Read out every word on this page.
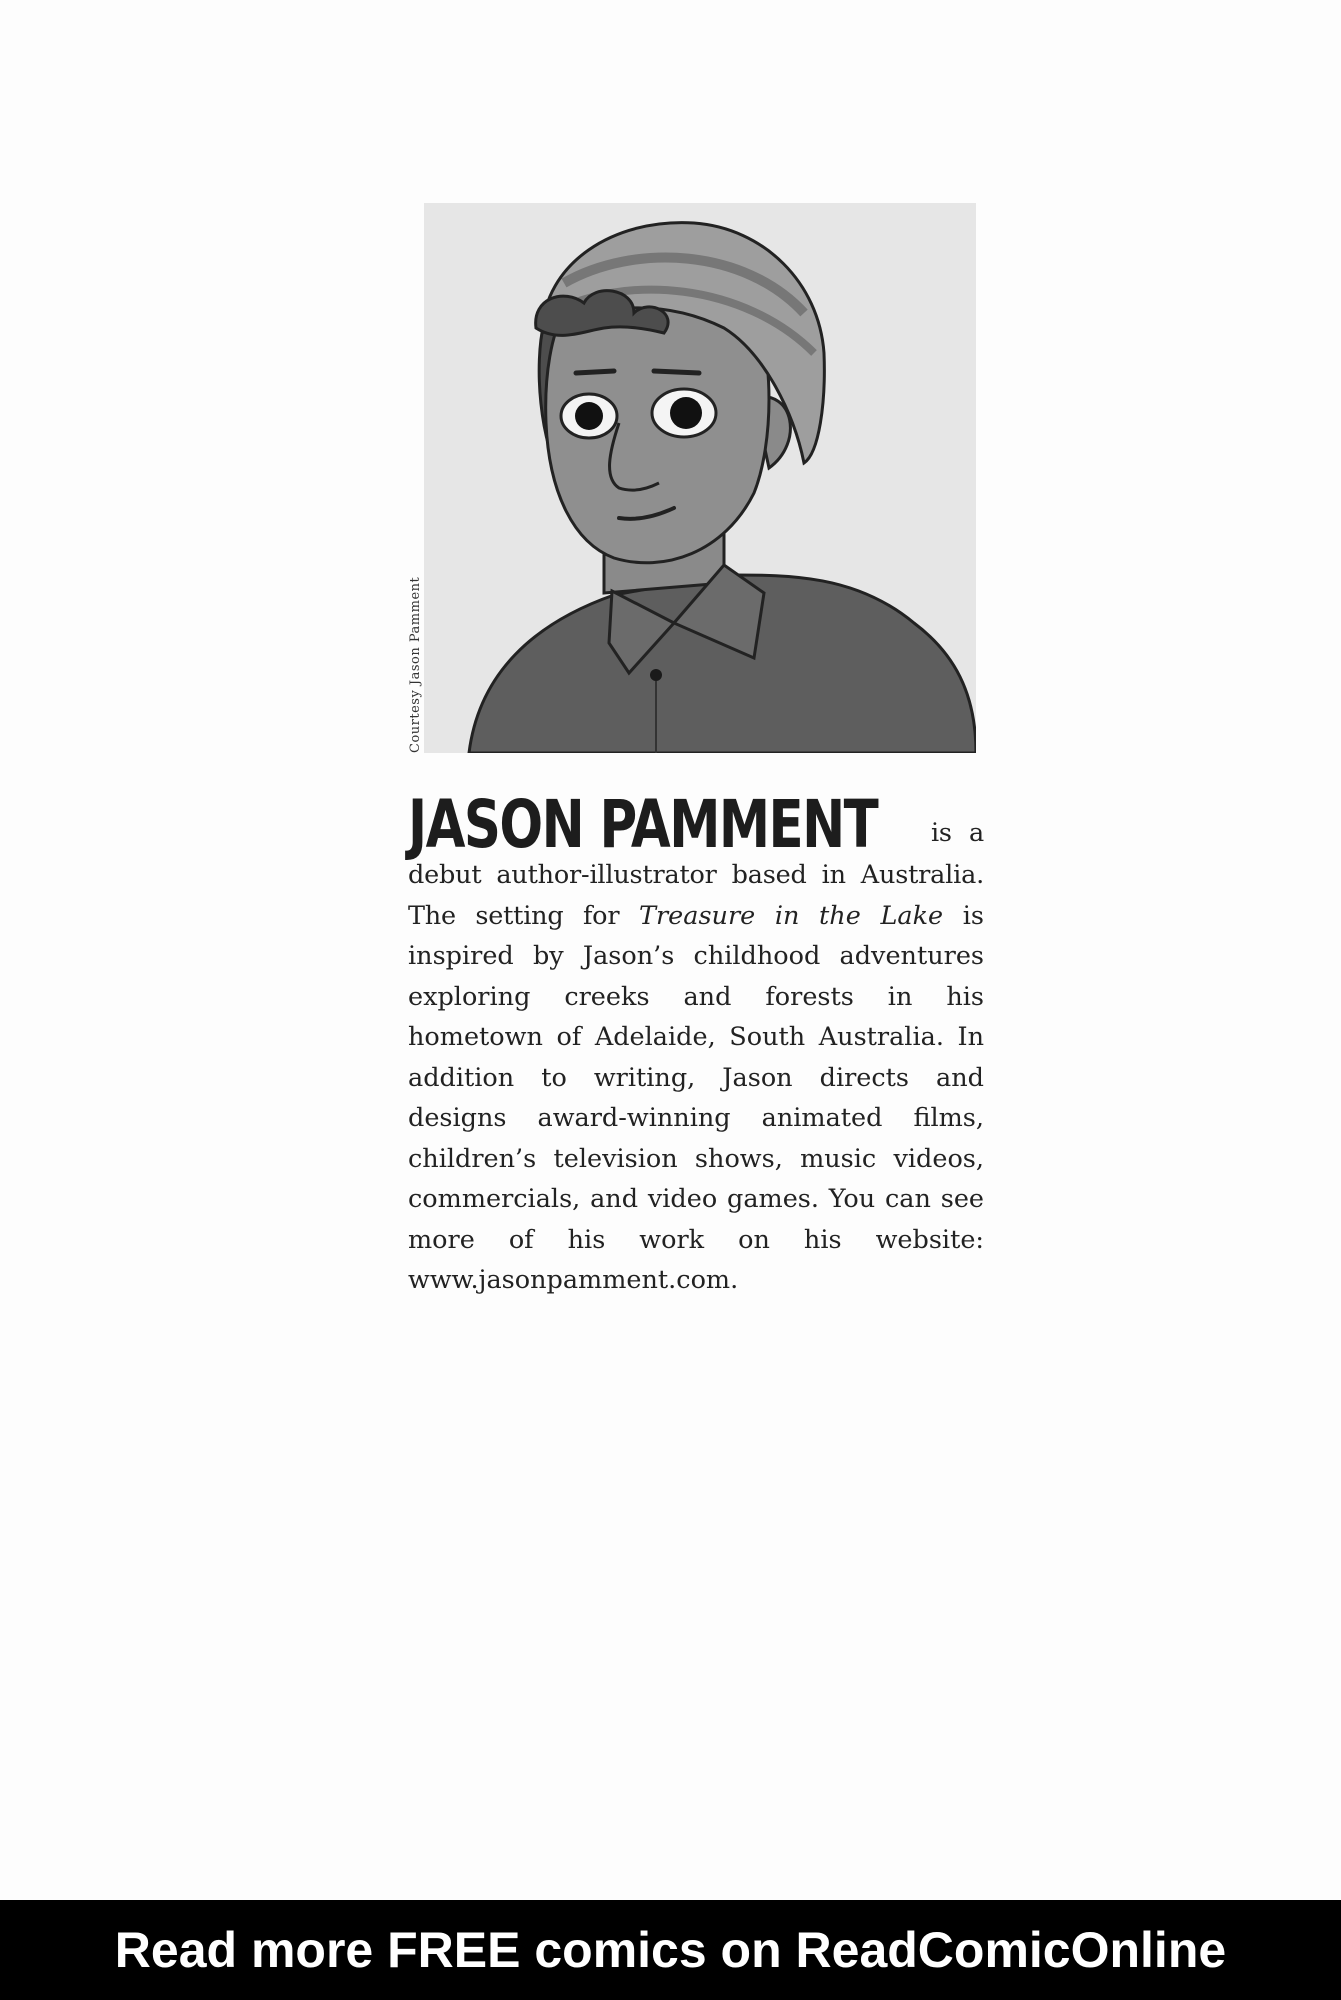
Courtesy Jason Pamment
JASON PAMMENT is a debut author-illustrator based in Australia. The setting for Treasure in the Lake is inspired by Jason’s childhood adventures exploring creeks and forests in his hometown of Adelaide, South Australia. In addition to writing, Jason directs and designs award-winning animated films, children’s television shows, music videos, commercials, and video games. You can see more of his work on his website: www.jasonpamment.com.
Read more FREE comics on ReadComicOnline
